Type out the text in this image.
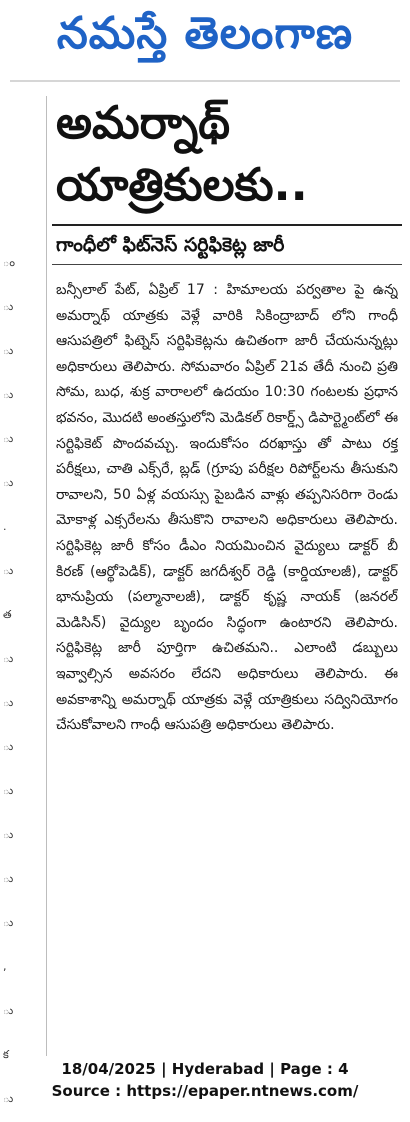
నమస్తే తెలంగాణ
ం
ు
ు
ు
ు
ు
.
ు
త
ు
ు
ు
ు
ు
ు
ు
,
ు
క
ు
అమర్నాథ్
యాత్రికులకు..
గాంధీలో ఫిట్‌నెస్ సర్టిఫికెట్ల జారీ
బన్సీలాల్ పేట్, ఏప్రిల్ 17 : హిమాలయ పర్వతాల పై ఉన్న అమర్నాథ్ యాత్రకు వెళ్లే వారికి సికింద్రాబాద్ లోని గాంధీ ఆసుపత్రిలో ఫిట్నెస్ సర్టిఫికెట్లను ఉచితంగా జారీ చేయనున్నట్లు అధికారులు తెలిపారు. సోమవారం ఏప్రిల్ 21వ తేదీ నుంచి ప్రతి సోమ, బుధ, శుక్ర వారాలలో ఉదయం 10:30 గంటలకు ప్రధాన భవనం, మొదటి అంతస్తులోని మెడికల్ రికార్డ్స్ డిపార్ట్మెంట్‌లో ఈ సర్టిఫికెట్ పొందవచ్చు. ఇందుకోసం దరఖాస్తు తో పాటు రక్త పరీక్షలు, చాతి ఎక్స్‌రే, బ్లడ్ (గ్రూపు పరీక్షల రిపోర్ట్‌లను తీసుకుని రావాలని, 50 ఏళ్ల వయస్సు పైబడిన వాళ్లు తప్పనిసరిగా రెండు మోకాళ్ల ఎక్సరేలను తీసుకొని రావాలని అధికారులు తెలిపారు. సర్టిఫికెట్ల జారీ కోసం డీఎం నియమించిన వైద్యులు డాక్టర్ బీ కిరణ్ (ఆర్థోపెడిక్), డాక్టర్ జగదీశ్వర్ రెడ్డి (కార్డియాలజీ), డాక్టర్ భానుప్రియ (పల్మానాలజీ), డాక్టర్ కృష్ణ నాయక్ (జనరల్ మెడిసిన్) వైద్యుల బృందం సిద్ధంగా ఉంటారని తెలిపారు. సర్టిఫికెట్ల జారీ పూర్తిగా ఉచితమని.. ఎలాంటి డబ్బులు ఇవ్వాల్సిన అవసరం లేదని అధికారులు తెలిపారు. ఈ అవకాశాన్ని అమర్నాథ్ యాత్రకు వెళ్లే యాత్రికులు సద్వినియోగం చేసుకోవాలని గాంధీ ఆసుపత్రి అధికారులు తెలిపారు.
18/04/2025 | Hyderabad | Page : 4
Source : https://epaper.ntnews.com/
